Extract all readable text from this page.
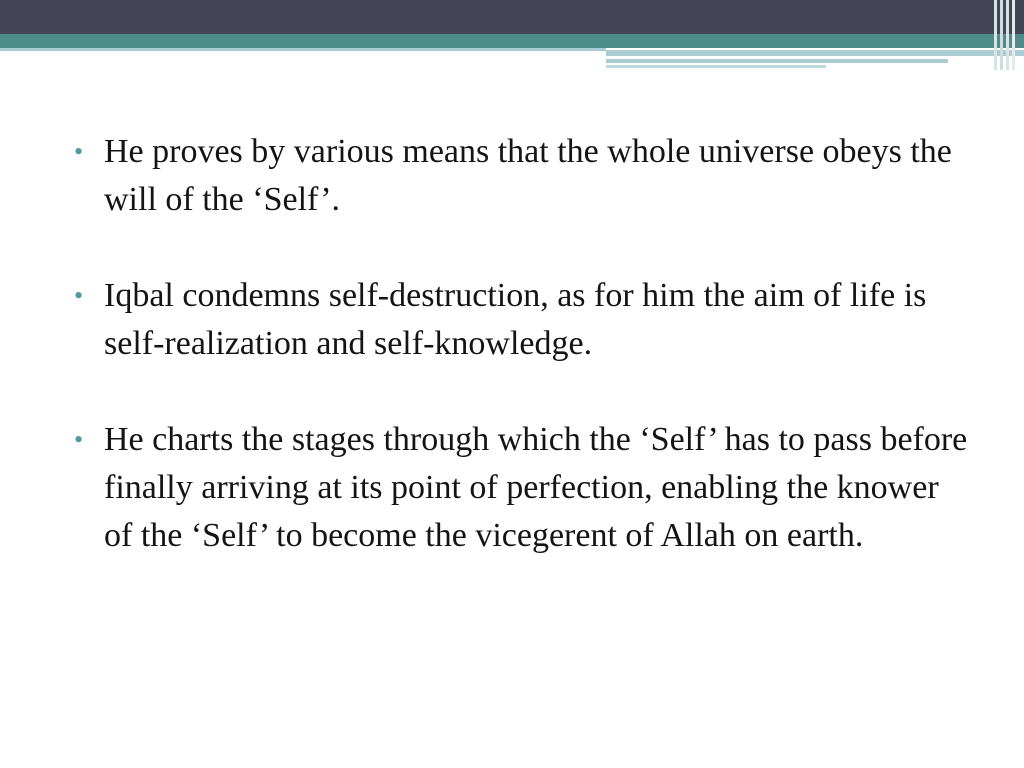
• He proves by various means that the whole universe obeys the will of the ‘Self’.
• Iqbal condemns self-destruction, as for him the aim of life is self-realization and self-knowledge.
• He charts the stages through which the ‘Self’ has to pass before finally arriving at its point of perfection, enabling the knower of the ‘Self’ to become the vicegerent of Allah on earth.
